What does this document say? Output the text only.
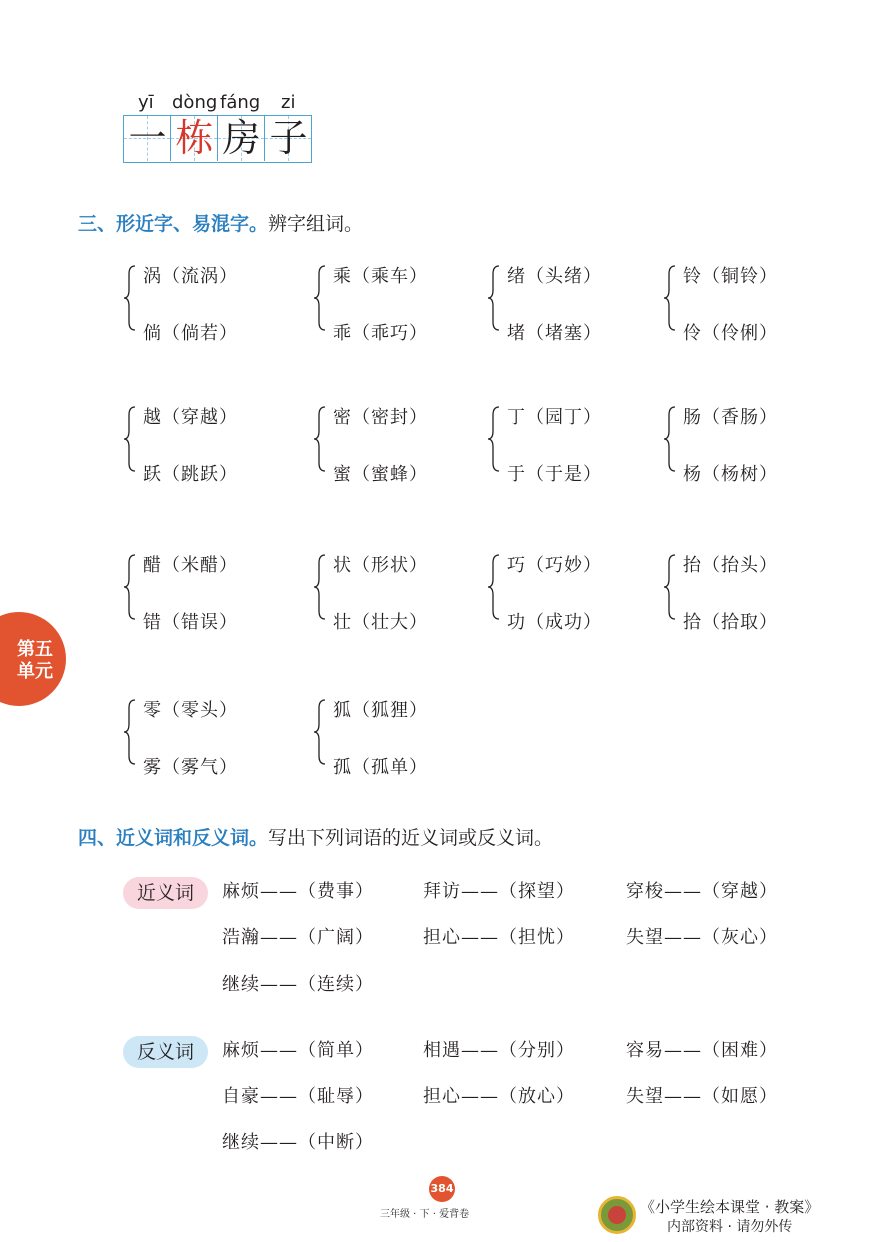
yī dòng fáng zi
一 栋 房 子
三、形近字、易混字。辨字组词。
涡（流涡）
倘（倘若）
乘（乘车）
乖（乖巧）
绪（头绪）
堵（堵塞）
铃（铜铃）
伶（伶俐）
越（穿越）
跃（跳跃）
密（密封）
蜜（蜜蜂）
丁（园丁）
于（于是）
肠（香肠）
杨（杨树）
醋（米醋）
错（错误）
状（形状）
壮（壮大）
巧（巧妙）
功（成功）
抬（抬头）
拾（拾取）
零（零头）
雾（雾气）
狐（狐狸）
孤（孤单）
第五
单元
四、近义词和反义词。写出下列词语的近义词或反义词。
近义词	麻烦——（费事）	拜访——（探望）	穿梭——（穿越）
浩瀚——（广阔）	担心——（担忧）	失望——（灰心）
继续——（连续）
反义词	麻烦——（简单）	相遇——（分别）	容易——（困难）
自豪——（耻辱）	担心——（放心）	失望——（如愿）
继续——（中断）
384
三年级 · 下 · 爱背卷	《小学生绘本课堂 · 教案》
内部资料 · 请勿外传
